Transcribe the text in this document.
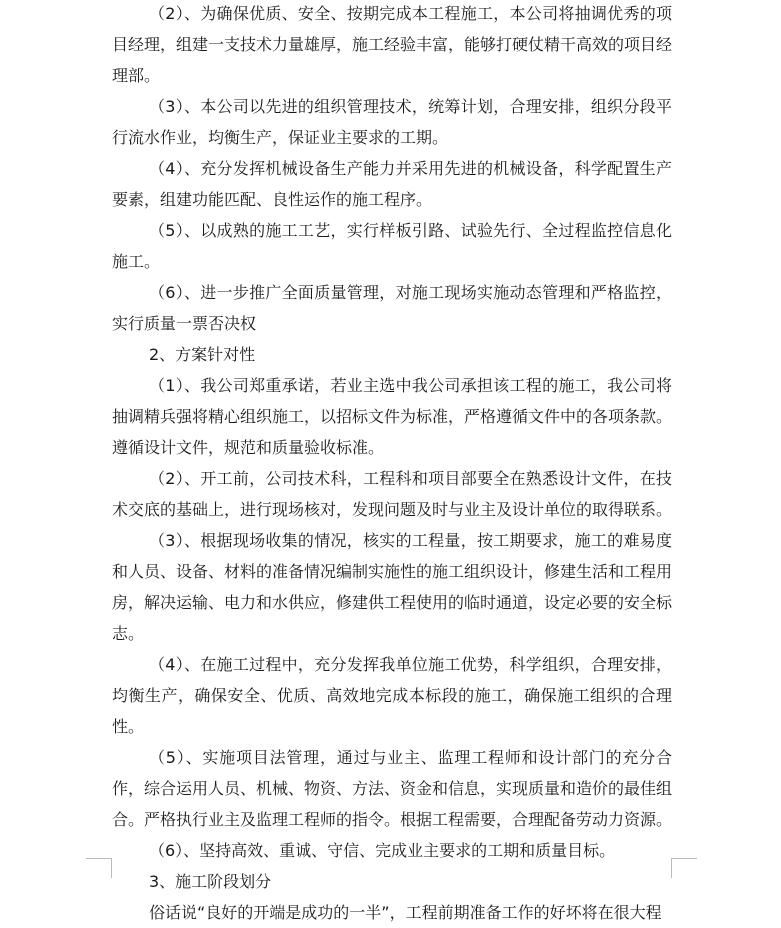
（2）、为确保优质、安全、按期完成本工程施工，本公司将抽调优秀的项目经理，组建一支技术力量雄厚，施工经验丰富，能够打硬仗精干高效的项目经理部。

（3）、本公司以先进的组织管理技术，统筹计划，合理安排，组织分段平行流水作业，均衡生产，保证业主要求的工期。

（4）、充分发挥机械设备生产能力并采用先进的机械设备，科学配置生产要素，组建功能匹配、良性运作的施工程序。

（5）、以成熟的施工工艺，实行样板引路、试验先行、全过程监控信息化施工。

（6）、进一步推广全面质量管理，对施工现场实施动态管理和严格监控，实行质量一票否决权

2、方案针对性

（1）、我公司郑重承诺，若业主选中我公司承担该工程的施工，我公司将抽调精兵强将精心组织施工，以招标文件为标准，严格遵循文件中的各项条款。遵循设计文件，规范和质量验收标准。

（2）、开工前，公司技术科，工程科和项目部要全在熟悉设计文件，在技术交底的基础上，进行现场核对，发现问题及时与业主及设计单位的取得联系。

（3）、根据现场收集的情况，核实的工程量，按工期要求，施工的难易度和人员、设备、材料的准备情况编制实施性的施工组织设计，修建生活和工程用房，解决运输、电力和水供应，修建供工程使用的临时通道，设定必要的安全标志。

（4）、在施工过程中，充分发挥我单位施工优势，科学组织，合理安排，均衡生产，确保安全、优质、高效地完成本标段的施工，确保施工组织的合理性。

（5）、实施项目法管理，通过与业主、监理工程师和设计部门的充分合作，综合运用人员、机械、物资、方法、资金和信息，实现质量和造价的最佳组合。严格执行业主及监理工程师的指令。根据工程需要，合理配备劳动力资源。

（6）、坚持高效、重诚、守信、完成业主要求的工期和质量目标。

3、施工阶段划分

俗话说“良好的开端是成功的一半”，工程前期准备工作的好坏将在很大程
